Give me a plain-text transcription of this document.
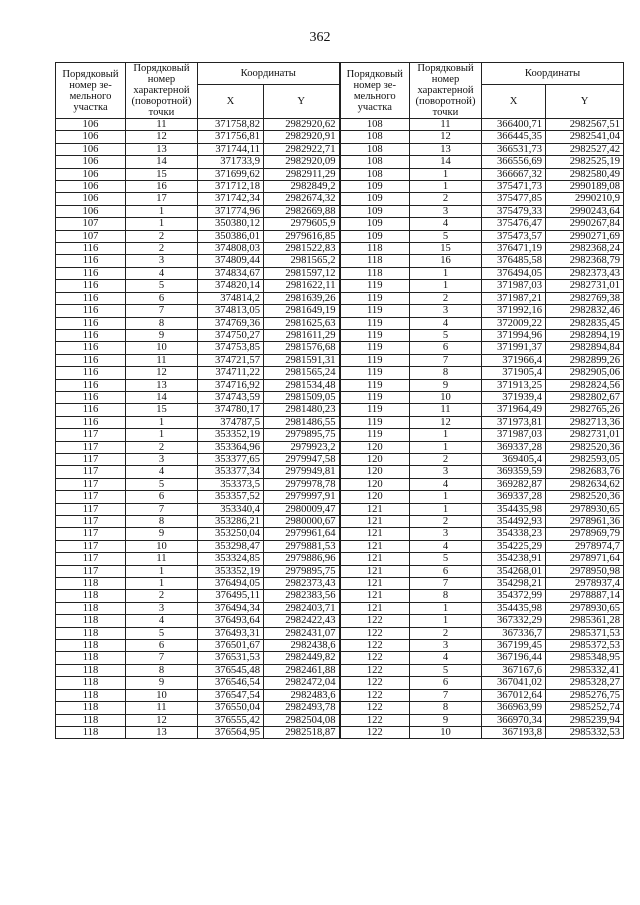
362
Порядковый номер зе-мельного участка	Порядковый номер характерной (поворотной) точки	Координаты		Порядковый номер зе-мельного участка	Порядковый номер характерной (поворотной) точки	Координаты	
		X	Y			X	Y
106	11	371758,82	2982920,62	108	11	366400,71	2982567,51
106	12	371756,81	2982920,91	108	12	366445,35	2982541,04
106	13	371744,11	2982922,71	108	13	366531,73	2982527,42
106	14	371733,9	2982920,09	108	14	366556,69	2982525,19
106	15	371699,62	2982911,29	108	1	366667,32	2982580,49
106	16	371712,18	2982849,2	109	1	375471,73	2990189,08
106	17	371742,34	2982674,32	109	2	375477,85	2990210,9
106	1	371774,96	2982669,88	109	3	375479,33	2990243,64
107	1	350380,12	2979605,9	109	4	375476,47	2990267,84
107	2	350386,01	2979616,85	109	5	375473,57	2990271,69
116	2	374808,03	2981522,83	118	15	376471,19	2982368,24
116	3	374809,44	2981565,2	118	16	376485,58	2982368,79
116	4	374834,67	2981597,12	118	1	376494,05	2982373,43
116	5	374820,14	2981622,11	119	1	371987,03	2982731,01
116	6	374814,2	2981639,26	119	2	371987,21	2982769,38
116	7	374813,05	2981649,19	119	3	371992,16	2982832,46
116	8	374769,36	2981625,63	119	4	372009,22	2982835,45
116	9	374750,27	2981611,29	119	5	371994,96	2982894,19
116	10	374753,85	2981576,68	119	6	371991,37	2982894,84
116	11	374721,57	2981591,31	119	7	371966,4	2982899,26
116	12	374711,22	2981565,24	119	8	371905,4	2982905,06
116	13	374716,92	2981534,48	119	9	371913,25	2982824,56
116	14	374743,59	2981509,05	119	10	371939,4	2982802,67
116	15	374780,17	2981480,23	119	11	371964,49	2982765,26
116	1	374787,5	2981486,55	119	12	371973,81	2982713,36
117	1	353352,19	2979895,75	119	1	371987,03	2982731,01
117	2	353364,96	2979923,2	120	1	369337,28	2982520,36
117	3	353377,65	2979947,58	120	2	369405,4	2982593,05
117	4	353377,34	2979949,81	120	3	369359,59	2982683,76
117	5	353373,5	2979978,78	120	4	369282,87	2982634,62
117	6	353357,52	2979997,91	120	1	369337,28	2982520,36
117	7	353340,4	2980009,47	121	1	354435,98	2978930,65
117	8	353286,21	2980000,67	121	2	354492,93	2978961,36
117	9	353250,04	2979961,64	121	3	354338,23	2978969,79
117	10	353298,47	2979881,53	121	4	354225,29	2978974,7
117	11	353324,85	2979886,96	121	5	354238,91	2978971,64
117	1	353352,19	2979895,75	121	6	354268,01	2978950,98
118	1	376494,05	2982373,43	121	7	354298,21	2978937,4
118	2	376495,11	2982383,56	121	8	354372,99	2978887,14
118	3	376494,34	2982403,71	121	1	354435,98	2978930,65
118	4	376493,64	2982422,43	122	1	367332,29	2985361,28
118	5	376493,31	2982431,07	122	2	367336,7	2985371,53
118	6	376501,67	2982438,6	122	3	367199,45	2985372,53
118	7	376531,53	2982449,82	122	4	367196,44	2985348,95
118	8	376545,48	2982461,88	122	5	367167,6	2985332,41
118	9	376546,54	2982472,04	122	6	367041,02	2985328,27
118	10	376547,54	2982483,6	122	7	367012,64	2985276,75
118	11	376550,04	2982493,78	122	8	366963,99	2985252,74
118	12	376555,42	2982504,08	122	9	366970,34	2985239,94
118	13	376564,95	2982518,87	122	10	367193,8	2985332,53
